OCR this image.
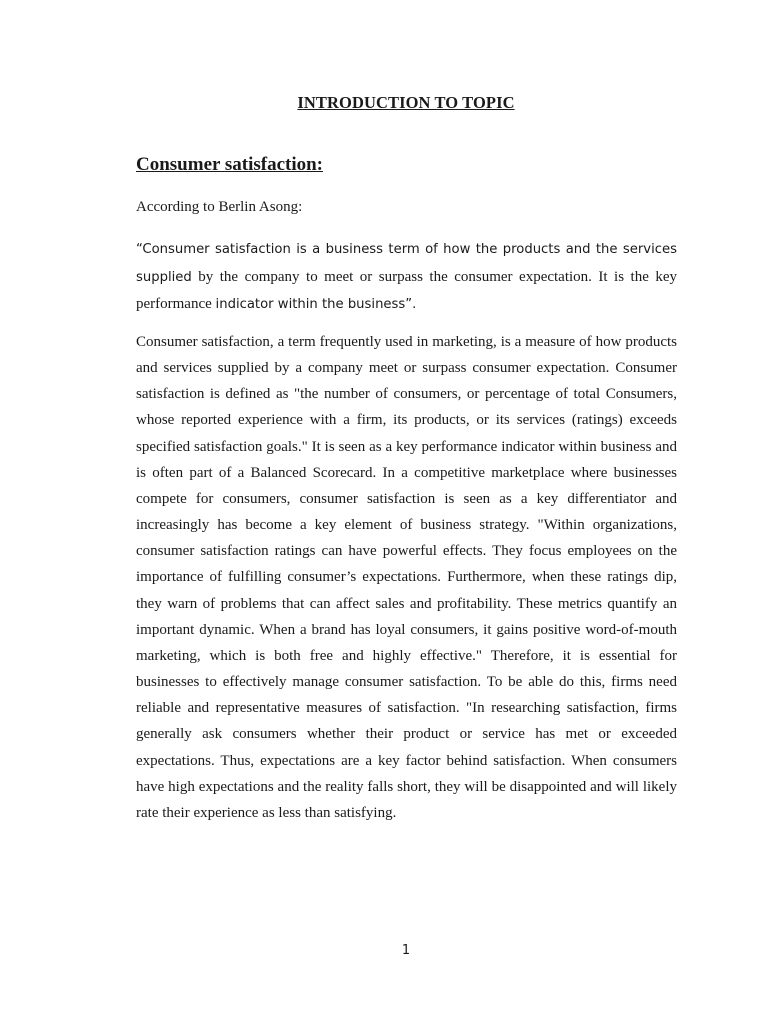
INTRODUCTION TO TOPIC
Consumer satisfaction:

According to Berlin Asong:

“Consumer satisfaction is a business term of how the products and the services supplied by the company to meet or surpass the consumer expectation. It is the key performance indicator within the business”.

Consumer satisfaction, a term frequently used in marketing, is a measure of how products and services supplied by a company meet or surpass consumer expectation. Consumer satisfaction is defined as "the number of consumers, or percentage of total Consumers, whose reported experience with a firm, its products, or its services (ratings) exceeds specified satisfaction goals." It is seen as a key performance indicator within business and is often part of a Balanced Scorecard. In a competitive marketplace where businesses compete for consumers, consumer satisfaction is seen as a key differentiator and increasingly has become a key element of business strategy. "Within organizations, consumer satisfaction ratings can have powerful effects. They focus employees on the importance of fulfilling consumer’s expectations. Furthermore, when these ratings dip, they warn of problems that can affect sales and profitability. These metrics quantify an important dynamic. When a brand has loyal consumers, it gains positive word-of-mouth marketing, which is both free and highly effective." Therefore, it is essential for businesses to effectively manage consumer satisfaction. To be able do this, firms need reliable and representative measures of satisfaction. "In researching satisfaction, firms generally ask consumers whether their product or service has met or exceeded expectations. Thus, expectations are a key factor behind satisfaction. When consumers have high expectations and the reality falls short, they will be disappointed and will likely rate their experience as less than satisfying.

1
